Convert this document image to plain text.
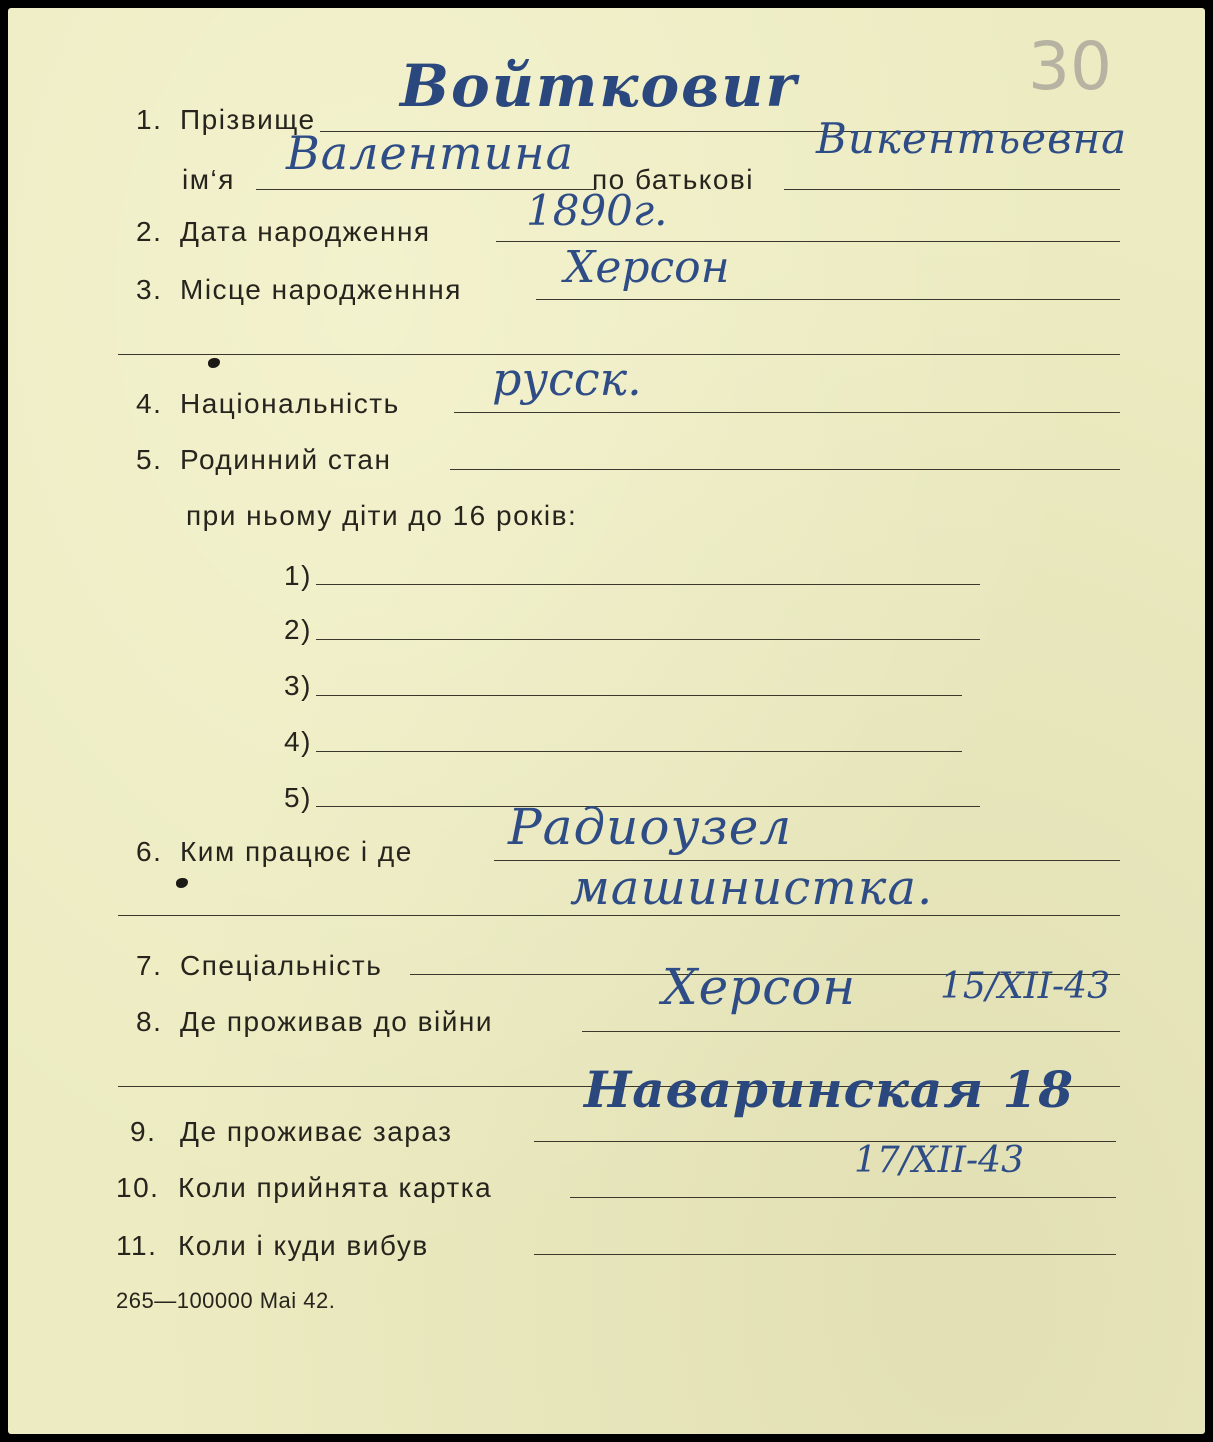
30
1. Прізвище
ім‘я	по батькові
Войтковиr
Валентина	Викентьевна
2. Дата народження 1890г.
3. Місце народженння Херсон
4. Національність русск.
5. Родинний стан
при ньому діти до 16 років:
1)
2)
3)
4)
5)
6. Ким працює і де Радиоузел
машинистка.
7. Спеціальність
8. Де проживав до війни
Херсон 15/XII-43
9. Де проживає зараз
Наваринская 18
10. Коли прийнята картка
17/XII-43
11. Коли і куди вибув
265—100000 Mai 42.
